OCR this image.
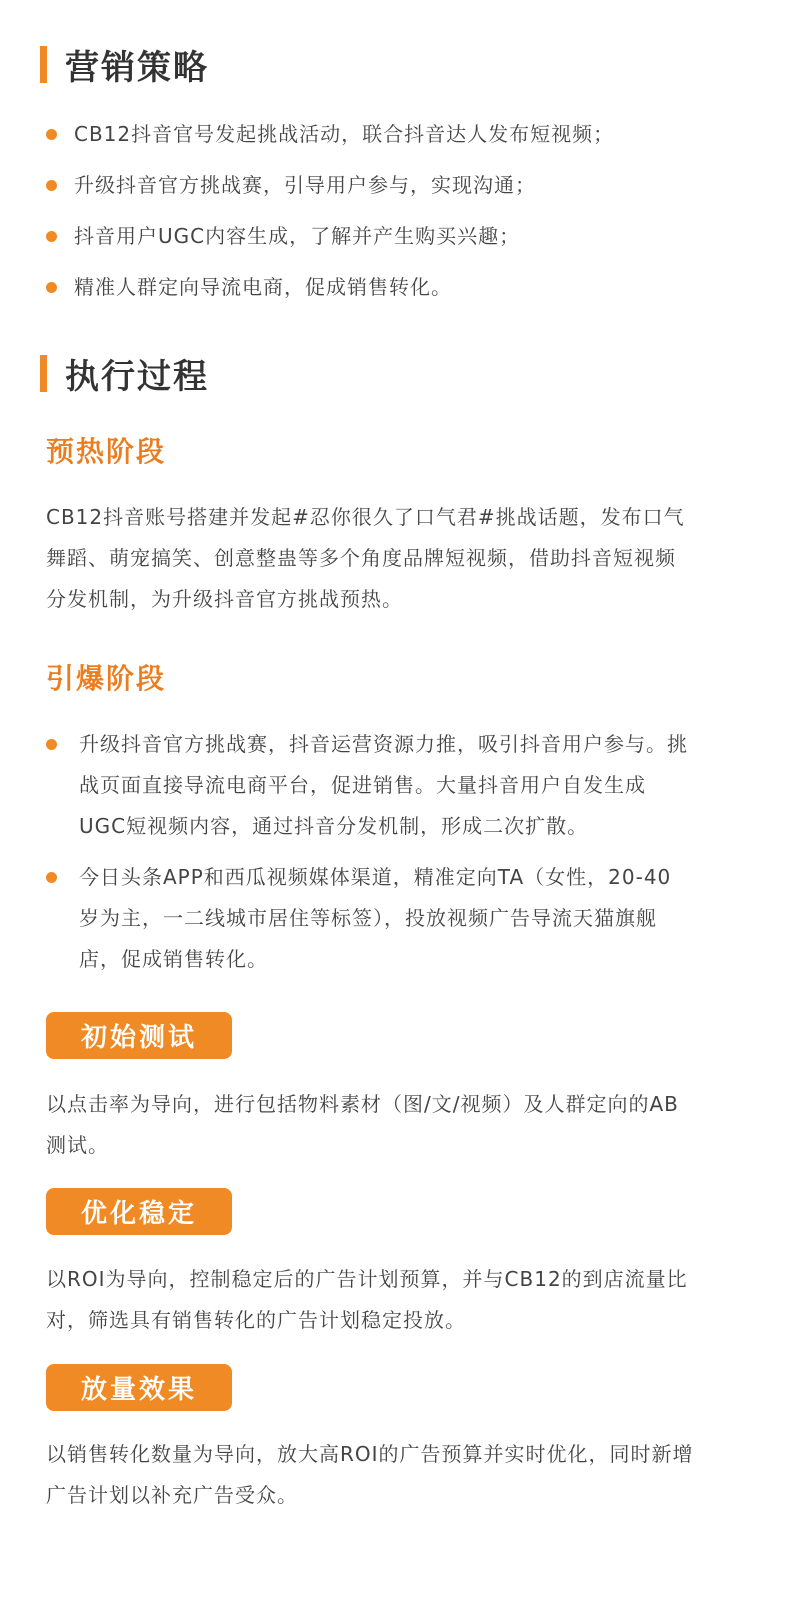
营销策略
CB12抖音官号发起挑战活动，联合抖音达人发布短视频；
升级抖音官方挑战赛，引导用户参与，实现沟通；
抖音用户UGC内容生成，了解并产生购买兴趣；
精准人群定向导流电商，促成销售转化。
执行过程
预热阶段

CB12抖音账号搭建并发起#忍你很久了口气君#挑战话题，发布口气舞蹈、萌宠搞笑、创意整蛊等多个角度品牌短视频，借助抖音短视频分发机制，为升级抖音官方挑战预热。

引爆阶段
升级抖音官方挑战赛，抖音运营资源力推，吸引抖音用户参与。挑战页面直接导流电商平台，促进销售。大量抖音用户自发生成UGC短视频内容，通过抖音分发机制，形成二次扩散。
今日头条APP和西瓜视频媒体渠道，精准定向TA（女性，20-40岁为主，一二线城市居住等标签），投放视频广告导流天猫旗舰店，促成销售转化。
初始测试

以点击率为导向，进行包括物料素材（图/文/视频）及人群定向的AB测试。

优化稳定

以ROI为导向，控制稳定后的广告计划预算，并与CB12的到店流量比对，筛选具有销售转化的广告计划稳定投放。

放量效果

以销售转化数量为导向，放大高ROI的广告预算并实时优化，同时新增广告计划以补充广告受众。
